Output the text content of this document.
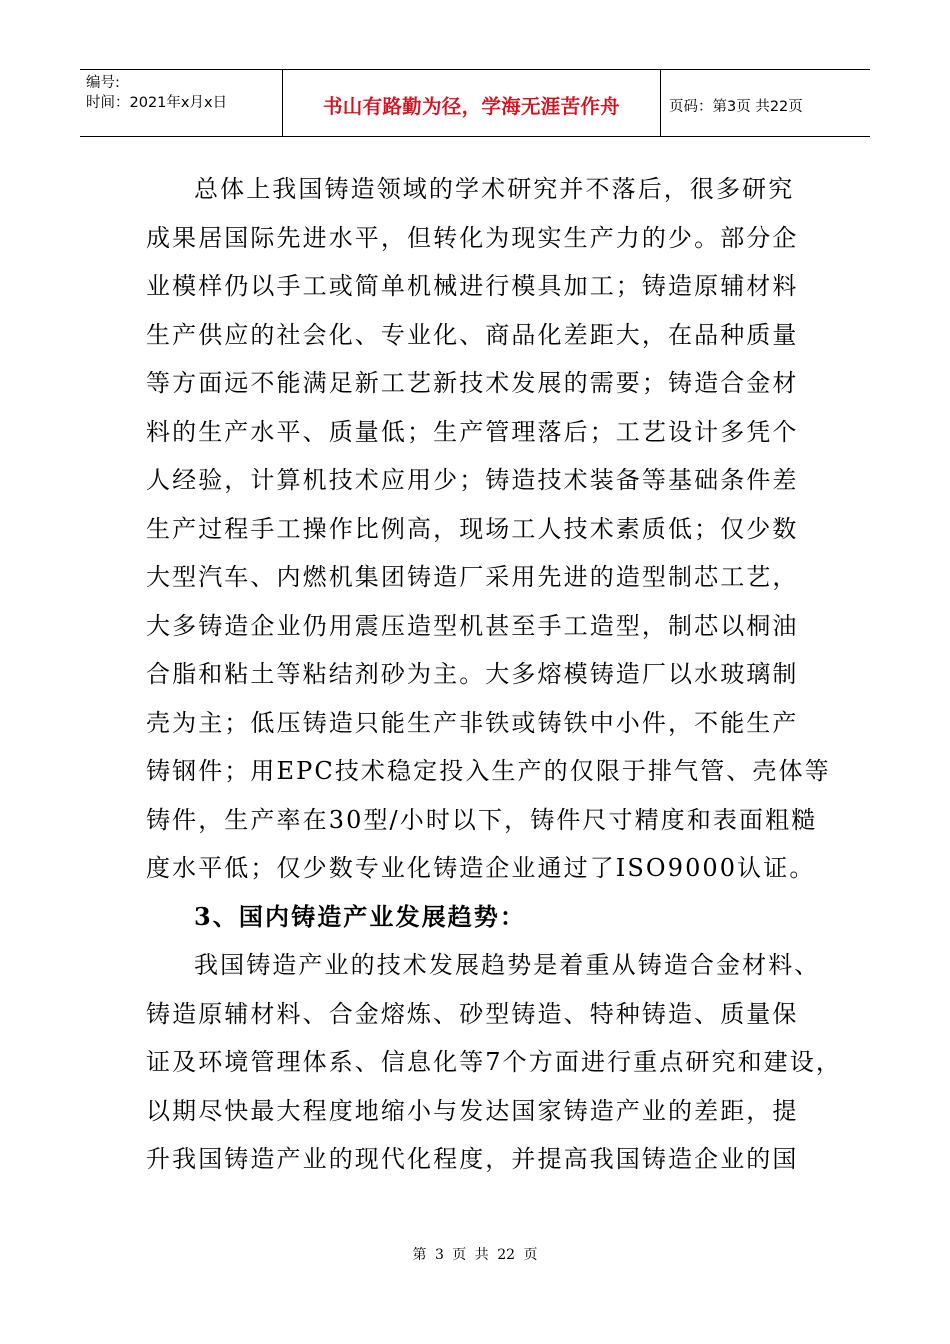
编号:
时间：2021年x月x日	书山有路勤为径，学海无涯苦作舟	页码：第3页 共22页
总体上我国铸造领域的学术研究并不落后，很多研究
成果居国际先进水平，但转化为现实生产力的少。部分企
业模样仍以手工或简单机械进行模具加工；铸造原辅材料
生产供应的社会化、专业化、商品化差距大，在品种质量
等方面远不能满足新工艺新技术发展的需要；铸造合金材
料的生产水平、质量低；生产管理落后；工艺设计多凭个
人经验，计算机技术应用少；铸造技术装备等基础条件差
生产过程手工操作比例高，现场工人技术素质低；仅少数
大型汽车、内燃机集团铸造厂采用先进的造型制芯工艺，
大多铸造企业仍用震压造型机甚至手工造型，制芯以桐油
合脂和粘土等粘结剂砂为主。大多熔模铸造厂以水玻璃制
壳为主；低压铸造只能生产非铁或铸铁中小件，不能生产
铸钢件；用EPC技术稳定投入生产的仅限于排气管、壳体等
铸件，生产率在30型/小时以下，铸件尺寸精度和表面粗糙
度水平低；仅少数专业化铸造企业通过了ISO9000认证。
3、国内铸造产业发展趋势：
我国铸造产业的技术发展趋势是着重从铸造合金材料、
铸造原辅材料、合金熔炼、砂型铸造、特种铸造、质量保
证及环境管理体系、信息化等7个方面进行重点研究和建设，
以期尽快最大程度地缩小与发达国家铸造产业的差距，提
升我国铸造产业的现代化程度，并提高我国铸造企业的国
第 3 页 共 22 页
